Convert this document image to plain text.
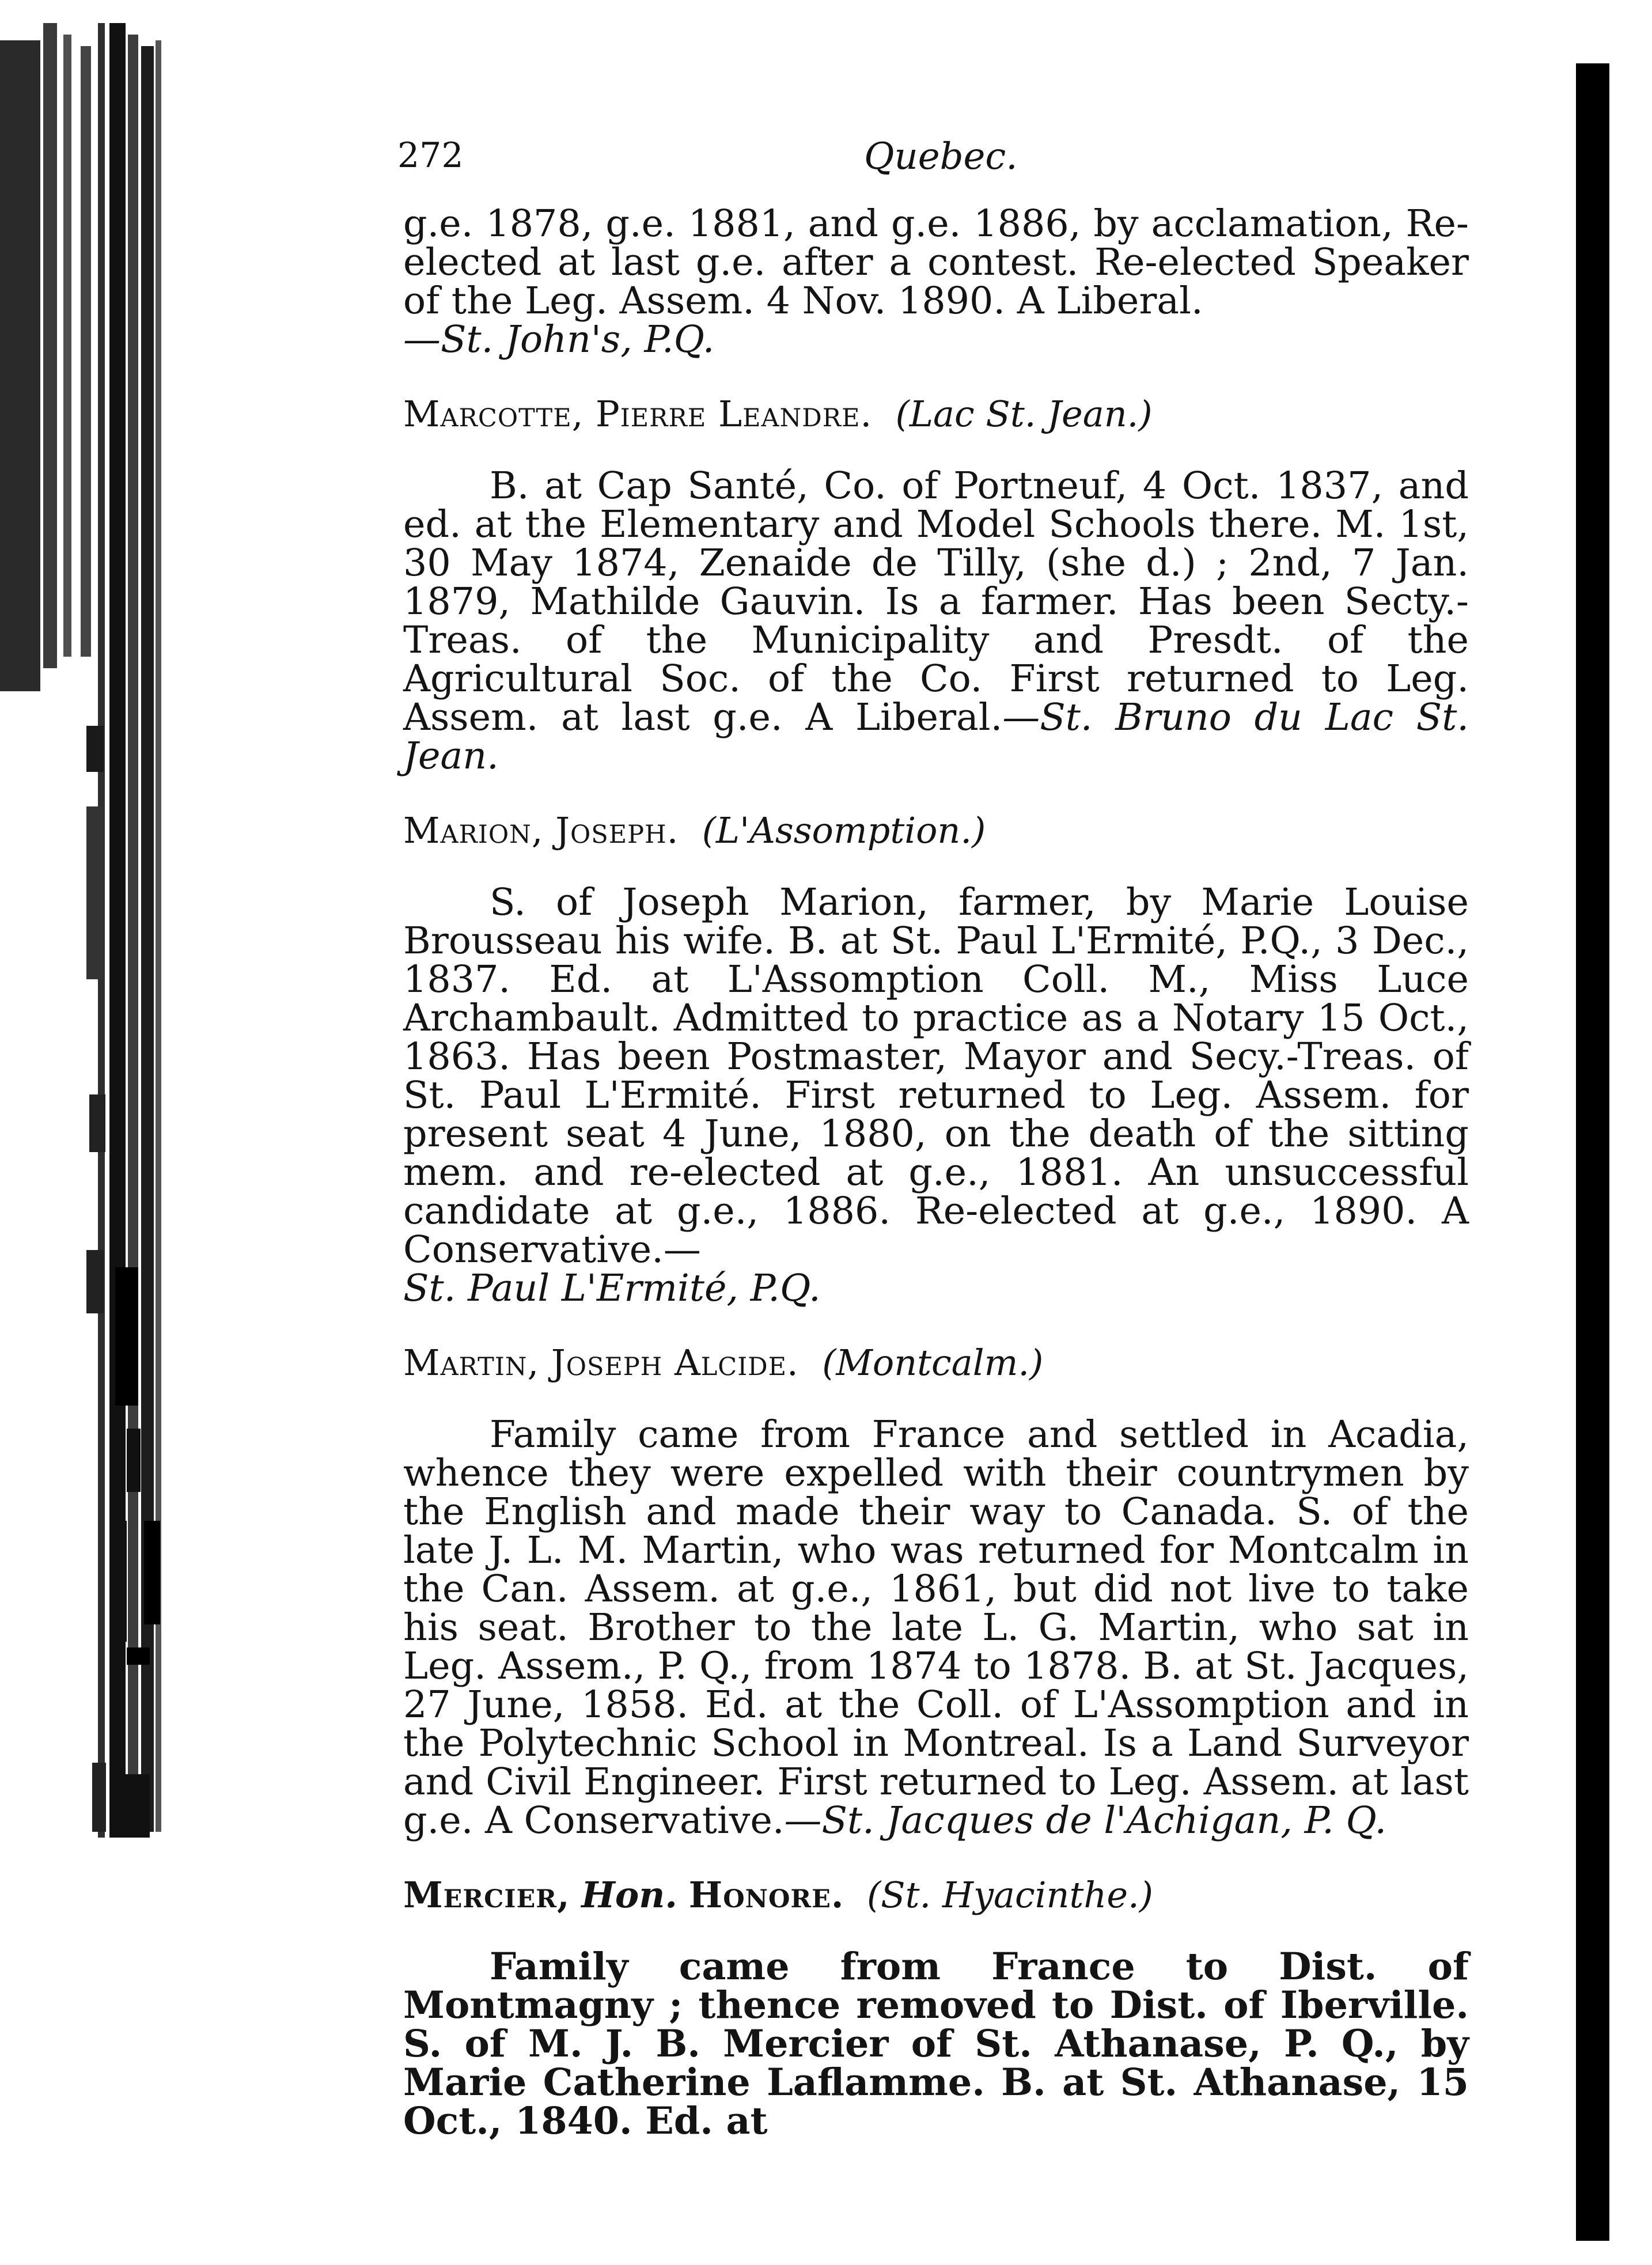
272	Quebec.

g.e. 1878, g.e. 1881, and g.e. 1886, by acclamation, Re-elected at last g.e. after a contest. Re-elected Speaker of the Leg. Assem. 4 Nov. 1890. A Liberal.
—St. John's, P.Q.

Marcotte, Pierre Leandre. (Lac St. Jean.)

B. at Cap Santé, Co. of Portneuf, 4 Oct. 1837, and ed. at the Elementary and Model Schools there. M. 1st, 30 May 1874, Zenaide de Tilly, (she d.) ; 2nd, 7 Jan. 1879, Mathilde Gauvin. Is a farmer. Has been Secty.-Treas. of the Municipality and Presdt. of the Agricultural Soc. of the Co. First returned to Leg. Assem. at last g.e. A Liberal.—St. Bruno du Lac St. Jean.

Marion, Joseph. (L'Assomption.)

S. of Joseph Marion, farmer, by Marie Louise Brousseau his wife. B. at St. Paul L'Ermité, P.Q., 3 Dec., 1837. Ed. at L'Assomption Coll. M., Miss Luce Archambault. Admitted to practice as a Notary 15 Oct., 1863. Has been Postmaster, Mayor and Secy.-Treas. of St. Paul L'Ermité. First returned to Leg. Assem. for present seat 4 June, 1880, on the death of the sitting mem. and re-elected at g.e., 1881. An unsuccessful candidate at g.e., 1886. Re-elected at g.e., 1890. A Conservative.—
St. Paul L'Ermité, P.Q.

Martin, Joseph Alcide. (Montcalm.)

Family came from France and settled in Acadia, whence they were expelled with their countrymen by the English and made their way to Canada. S. of the late J. L. M. Martin, who was returned for Montcalm in the Can. Assem. at g.e., 1861, but did not live to take his seat. Brother to the late L. G. Martin, who sat in Leg. Assem., P. Q., from 1874 to 1878. B. at St. Jacques, 27 June, 1858. Ed. at the Coll. of L'Assomption and in the Polytechnic School in Montreal. Is a Land Surveyor and Civil Engineer. First returned to Leg. Assem. at last g.e. A Conservative.—St. Jacques de l'Achigan, P. Q.

Mercier, Hon. Honore. (St. Hyacinthe.)

Family came from France to Dist. of Montmagny ; thence removed to Dist. of Iberville. S. of M. J. B. Mercier of St. Athanase, P. Q., by Marie Catherine Laflamme. B. at St. Athanase, 15 Oct., 1840. Ed. at
